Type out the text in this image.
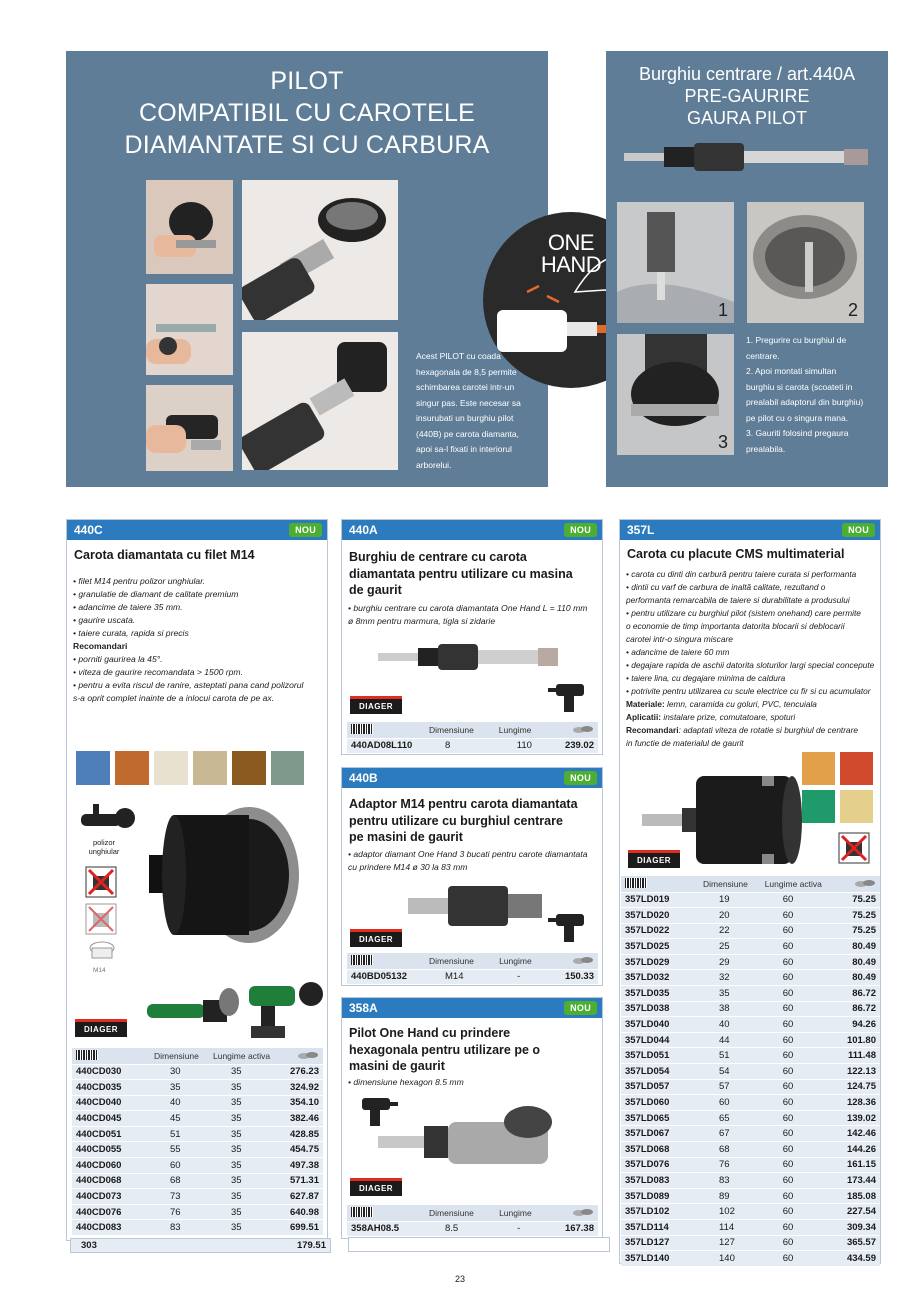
PILOT
COMPATIBIL CU CAROTELE
DIAMANTATE SI CU CARBURA
ONE
HAND
Acest PILOT cu coada
hexagonala de 8,5 permite
schimbarea carotei intr-un
singur pas. Este necesar sa
insurubati un burghiu pilot
(440B) pe carota diamanta,
apoi sa-l fixati in interiorul
arborelui.
Burghiu centrare / art.440A
PRE-GAURIRE
GAURA PILOT
1	2
3
1. Pregurire cu burghiul de
centrare.
2. Apoi montati simultan
burghiu si carota (scoateti in
prealabil adaptorul din burghiu)
pe pilot cu o singura mana.
3. Gauriti folosind pregaura
prealabila.
440C	NOU
Carota diamantata cu filet M14
• filet M14 pentru polizor unghiular.
• granulatie de diamant de calitate premium
• adancime de taiere 35 mm.
• gaurire uscata.
• taiere curata, rapida si precis
Recomandari
• porniti gaurirea la 45°.
• viteza de gaurire recomandata > 1500 rpm.
• pentru a evita riscul de ranire, asteptati pana cand polizorul
s-a oprit complet inainte de a inlocui carota de pe ax.
polizor
unghiular
M14
DIAGER
	Dimensiune	Lungime activa	
440CD030	30	35	276.23
440CD035	35	35	324.92
440CD040	40	35	354.10
440CD045	45	35	382.46
440CD051	51	35	428.85
440CD055	55	35	454.75
440CD060	60	35	497.38
440CD068	68	35	571.31
440CD073	73	35	627.87
440CD076	76	35	640.98
440CD083	83	35	699.51
303	179.51
440A	NOU
Burghiu de centrare cu carota
diamantata pentru utilizare cu masina
de gaurit
• burghiu centrare cu carota diamantata One Hand L = 110 mm
ø 8mm pentru marmura, tigla si zidarie
DIAGER
	Dimensiune	Lungime	
440AD08L110	8	110	239.02
440B	NOU
Adaptor M14 pentru carota diamantata
pentru utilizare cu burghiul centrare
pe masini de gaurit
• adaptor diamant One Hand 3 bucati pentru carote diamantata
cu prindere M14 ø 30 la 83 mm
DIAGER
	Dimensiune	Lungime	
440BD05132	M14	-	150.33
358A	NOU
Pilot One Hand cu prindere
hexagonala pentru utilizare pe o
masini de gaurit
• dimensiune hexagon 8.5 mm
DIAGER
	Dimensiune	Lungime	
358AH08.5	8.5	-	167.38
357L	NOU
Carota cu placute CMS multimaterial
• carota cu dinti din carbură pentru taiere curata si performanta
• dintii cu varf de carbura de inaltă calitate, rezultand o
performanta remarcabila de taiere si durabilitate a produsului
• pentru utilizare cu burghiul pilot (sistem onehand) care permite
o economie de timp importanta datorita blocarii si deblocarii
carotei intr-o singura miscare
• adancime de taiere 60 mm
• degajare rapida de aschii datorita sloturilor largi special concepute
• taiere lina, cu degajare minima de caldura
• potrivite pentru utilizarea cu scule electrice cu fir si cu acumulator
Materiale: lemn, caramida cu goluri, PVC, tencuiala
Aplicatii: instalare prize, comutatoare, spoturi
Recomandari: adaptati viteza de rotatie si burghiul de centrare
in functie de materialul de gaurit
DIAGER
	Dimensiune	Lungime activa	
357LD019	19	60	75.25
357LD020	20	60	75.25
357LD022	22	60	75.25
357LD025	25	60	80.49
357LD029	29	60	80.49
357LD032	32	60	80.49
357LD035	35	60	86.72
357LD038	38	60	86.72
357LD040	40	60	94.26
357LD044	44	60	101.80
357LD051	51	60	111.48
357LD054	54	60	122.13
357LD057	57	60	124.75
357LD060	60	60	128.36
357LD065	65	60	139.02
357LD067	67	60	142.46
357LD068	68	60	144.26
357LD076	76	60	161.15
357LD083	83	60	173.44
357LD089	89	60	185.08
357LD102	102	60	227.54
357LD114	114	60	309.34
357LD127	127	60	365.57
357LD140	140	60	434.59
23
